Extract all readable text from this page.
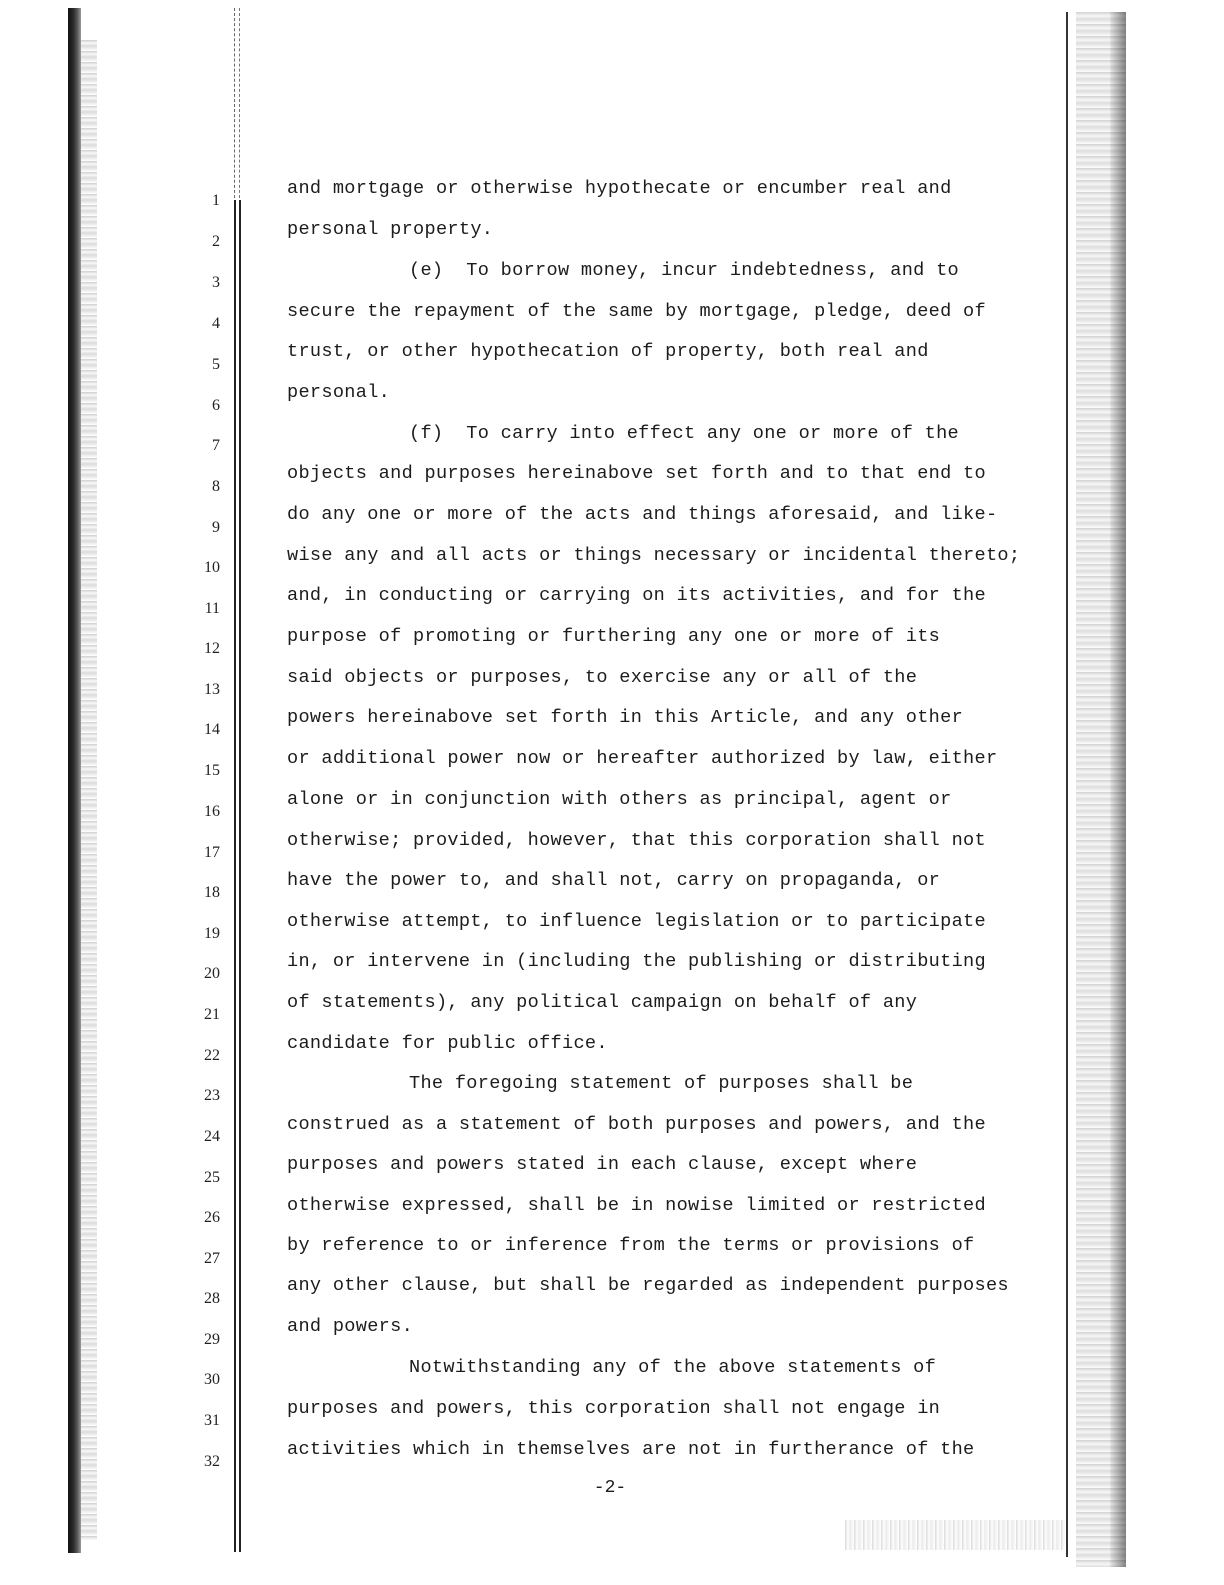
1
2
3
4
5
6
7
8
9
10
11
12
13
14
15
16
17
18
19
20
21
22
23
24
25
26
27
28
29
30
31
32
and mortgage or otherwise hypothecate or encumber real and
personal property.
(e)  To borrow money, incur indebtedness, and to
secure the repayment of the same by mortgage, pledge, deed of
trust, or other hypothecation of property, both real and
personal.
(f)  To carry into effect any one or more of the
objects and purposes hereinabove set forth and to that end to
do any one or more of the acts and things aforesaid, and like-
wise any and all acts or things necessary or incidental thereto;
and, in conducting or carrying on its activities, and for the
purpose of promoting or furthering any one or more of its
said objects or purposes, to exercise any or all of the
powers hereinabove set forth in this Article, and any other
or additional power now or hereafter authorized by law, either
alone or in conjunction with others as principal, agent or
otherwise; provided, however, that this corporation shall not
have the power to, and shall not, carry on propaganda, or
otherwise attempt, to influence legislation or to participate
in, or intervene in (including the publishing or distributing
of statements), any political campaign on behalf of any
candidate for public office.
The foregoing statement of purposes shall be
construed as a statement of both purposes and powers, and the
purposes and powers stated in each clause, except where
otherwise expressed, shall be in nowise limited or restricted
by reference to or inference from the terms or provisions of
any other clause, but shall be regarded as independent purposes
and powers.
Notwithstanding any of the above statements of
purposes and powers, this corporation shall not engage in
activities which in themselves are not in furtherance of the
-2-
